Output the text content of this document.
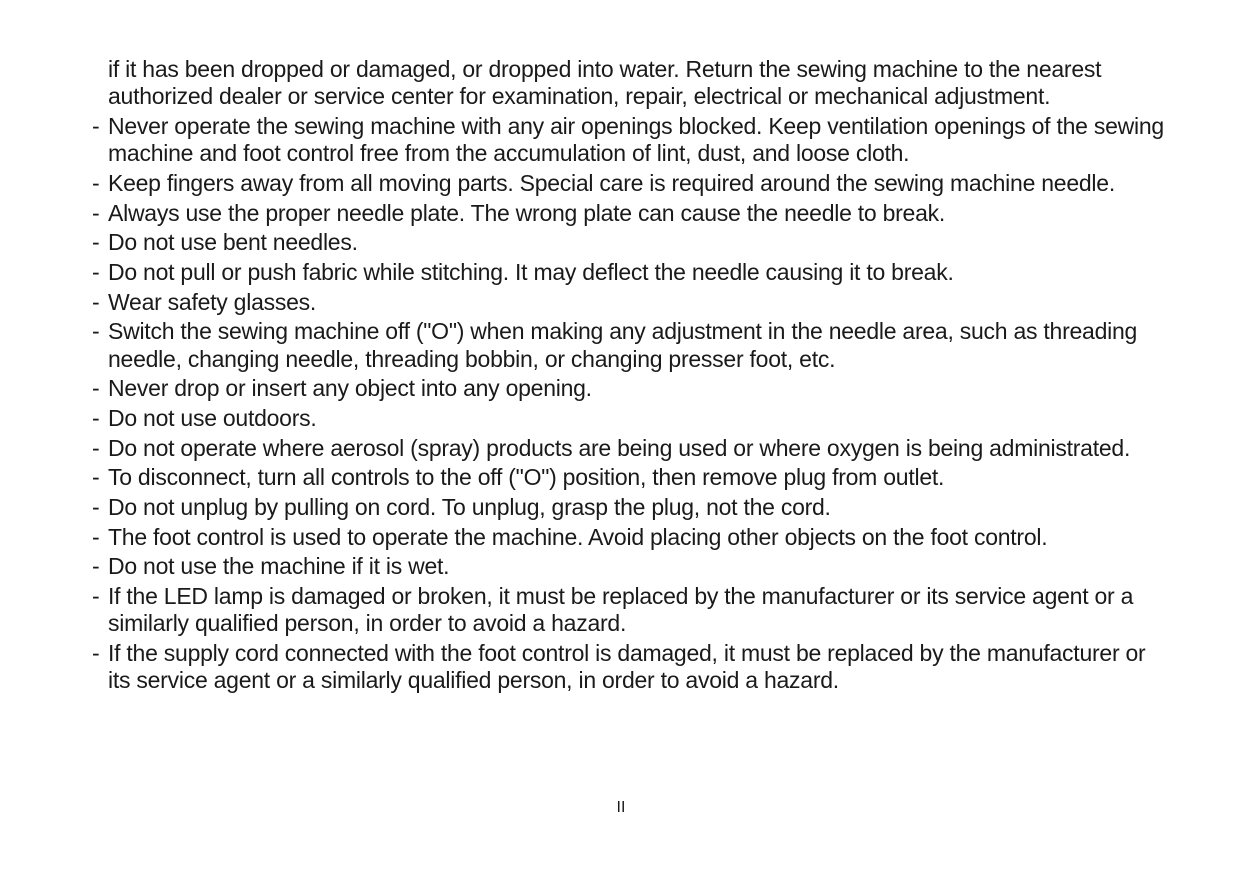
if it has been dropped or damaged, or dropped into water. Return the sewing machine to the nearest authorized dealer or service center for examination, repair, electrical or mechanical adjustment.
- Never operate the sewing machine with any air openings blocked. Keep ventilation openings of the sewing machine and foot control free from the accumulation of lint, dust, and loose cloth.
- Keep fingers away from all moving parts. Special care is required around the sewing machine needle.
- Always use the proper needle plate. The wrong plate can cause the needle to break.
- Do not use bent needles.
- Do not pull or push fabric while stitching. It may deflect the needle causing it to break.
- Wear safety glasses.
- Switch the sewing machine off ("O") when making any adjustment in the needle area, such as threading needle, changing needle, threading bobbin, or changing presser foot, etc.
- Never drop or insert any object into any opening.
- Do not use outdoors.
- Do not operate where aerosol (spray) products are being used or where oxygen is being administrated.
- To disconnect, turn all controls to the off ("O") position, then remove plug from outlet.
- Do not unplug by pulling on cord. To unplug, grasp the plug, not the cord.
- The foot control is used to operate the machine. Avoid placing other objects on the foot control.
- Do not use the machine if it is wet.
- If the LED lamp is damaged or broken, it must be replaced by the manufacturer or its service agent or a similarly qualified person, in order to avoid a hazard.
- If the supply cord connected with the foot control is damaged, it must be replaced by the manufacturer or its service agent or a similarly qualified person, in order to avoid a hazard.
II
